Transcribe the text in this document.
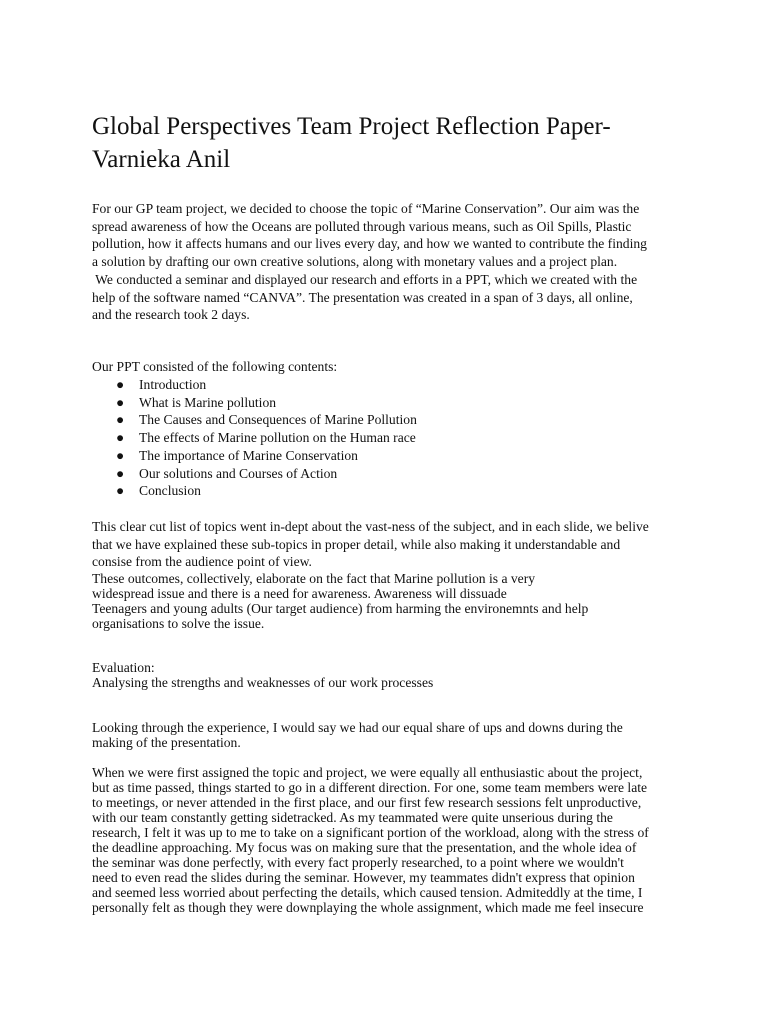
Global Perspectives Team Project Reflection Paper-
Varnieka Anil
For our GP team project, we decided to choose the topic of “Marine Conservation”. Our aim was the
spread awareness of how the Oceans are polluted through various means, such as Oil Spills, Plastic
pollution, how it affects humans and our lives every day, and how we wanted to contribute the finding
a solution by drafting our own creative solutions, along with monetary values and a project plan.
We conducted a seminar and displayed our research and efforts in a PPT, which we created with the
help of the software named “CANVA”. The presentation was created in a span of 3 days, all online,
and the research took 2 days.
Our PPT consisted of the following contents:
● Introduction
● What is Marine pollution
● The Causes and Consequences of Marine Pollution
● The effects of Marine pollution on the Human race
● The importance of Marine Conservation
● Our solutions and Courses of Action
● Conclusion
This clear cut list of topics went in-dept about the vast-ness of the subject, and in each slide, we belive
that we have explained these sub-topics in proper detail, while also making it understandable and
consise from the audience point of view.
These outcomes, collectively, elaborate on the fact that Marine pollution is a very
widespread issue and there is a need for awareness. Awareness will dissuade
Teenagers and young adults (Our target audience) from harming the environemnts and help
organisations to solve the issue.
Evaluation:
Analysing the strengths and weaknesses of our work processes
Looking through the experience, I would say we had our equal share of ups and downs during the
making of the presentation.
When we were first assigned the topic and project, we were equally all enthusiastic about the project,
but as time passed, things started to go in a different direction. For one, some team members were late
to meetings, or never attended in the first place, and our first few research sessions felt unproductive,
with our team constantly getting sidetracked. As my teammated were quite unserious during the
research, I felt it was up to me to take on a significant portion of the workload, along with the stress of
the deadline approaching. My focus was on making sure that the presentation, and the whole idea of
the seminar was done perfectly, with every fact properly researched, to a point where we wouldn't
need to even read the slides during the seminar. However, my teammates didn't express that opinion
and seemed less worried about perfecting the details, which caused tension. Admiteddly at the time, I
personally felt as though they were downplaying the whole assignment, which made me feel insecure
